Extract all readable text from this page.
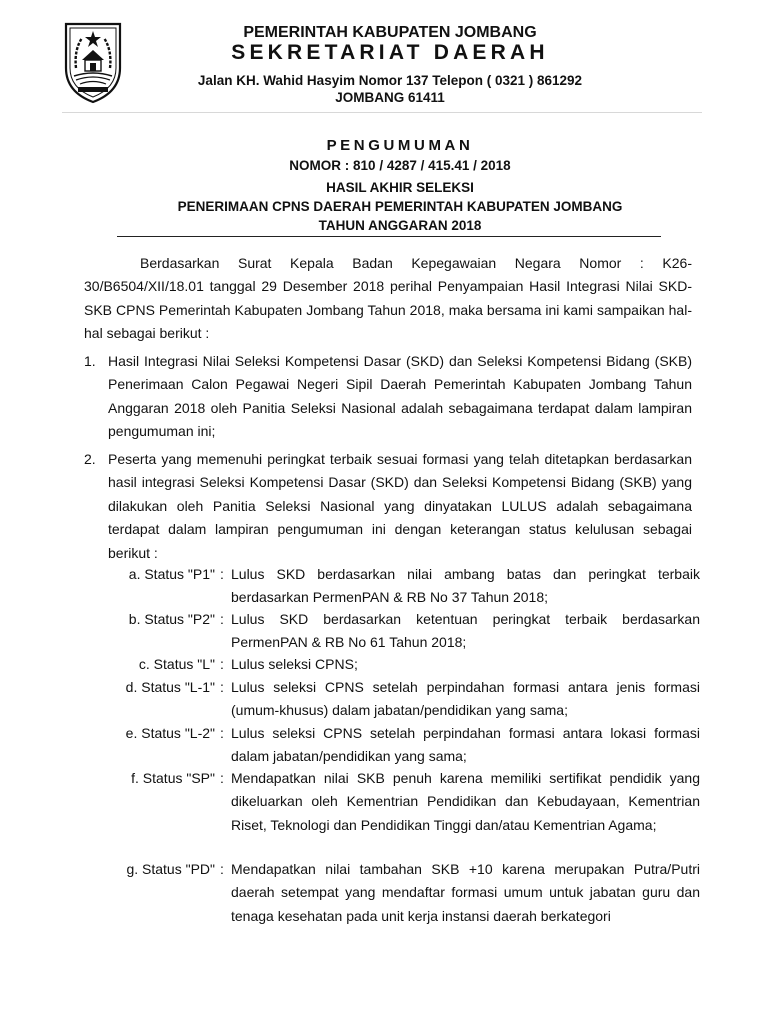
PEMERINTAH KABUPATEN JOMBANG
SEKRETARIAT DAERAH
Jalan KH. Wahid Hasyim Nomor 137 Telepon ( 0321 ) 861292
JOMBANG 61411
PENGUMUMAN
NOMOR : 810 / 4287 / 415.41 / 2018
HASIL AKHIR SELEKSI
PENERIMAAN CPNS DAERAH PEMERINTAH KABUPATEN JOMBANG
TAHUN ANGGARAN 2018

Berdasarkan Surat Kepala Badan Kepegawaian Negara Nomor : K26-30/B6504/XII/18.01 tanggal 29 Desember 2018 perihal Penyampaian Hasil Integrasi Nilai SKD-SKB CPNS Pemerintah Kabupaten Jombang Tahun 2018, maka bersama ini kami sampaikan hal-hal sebagai berikut :

1. Hasil Integrasi Nilai Seleksi Kompetensi Dasar (SKD) dan Seleksi Kompetensi Bidang (SKB) Penerimaan Calon Pegawai Negeri Sipil Daerah Pemerintah Kabupaten Jombang Tahun Anggaran 2018 oleh Panitia Seleksi Nasional adalah sebagaimana terdapat dalam lampiran pengumuman ini;
2. Peserta yang memenuhi peringkat terbaik sesuai formasi yang telah ditetapkan berdasarkan hasil integrasi Seleksi Kompetensi Dasar (SKD) dan Seleksi Kompetensi Bidang (SKB) yang dilakukan oleh Panitia Seleksi Nasional yang dinyatakan LULUS adalah sebagaimana terdapat dalam lampiran pengumuman ini dengan keterangan status kelulusan sebagai berikut :
a. Status "P1" : Lulus SKD berdasarkan nilai ambang batas dan peringkat terbaik berdasarkan PermenPAN & RB No 37 Tahun 2018;
b. Status "P2" : Lulus SKD berdasarkan ketentuan peringkat terbaik berdasarkan PermenPAN & RB No 61 Tahun 2018;
c. Status "L" : Lulus seleksi CPNS;
d. Status "L-1" : Lulus seleksi CPNS setelah perpindahan formasi antara jenis formasi (umum-khusus) dalam jabatan/pendidikan yang sama;
e. Status "L-2" : Lulus seleksi CPNS setelah perpindahan formasi antara lokasi formasi dalam jabatan/pendidikan yang sama;
f. Status "SP" : Mendapatkan nilai SKB penuh karena memiliki sertifikat pendidik yang dikeluarkan oleh Kementrian Pendidikan dan Kebudayaan, Kementrian Riset, Teknologi dan Pendidikan Tinggi dan/atau Kementrian Agama;
g. Status "PD" : Mendapatkan nilai tambahan SKB +10 karena merupakan Putra/Putri daerah setempat yang mendaftar formasi umum untuk jabatan guru dan tenaga kesehatan pada unit kerja instansi daerah berkategori
